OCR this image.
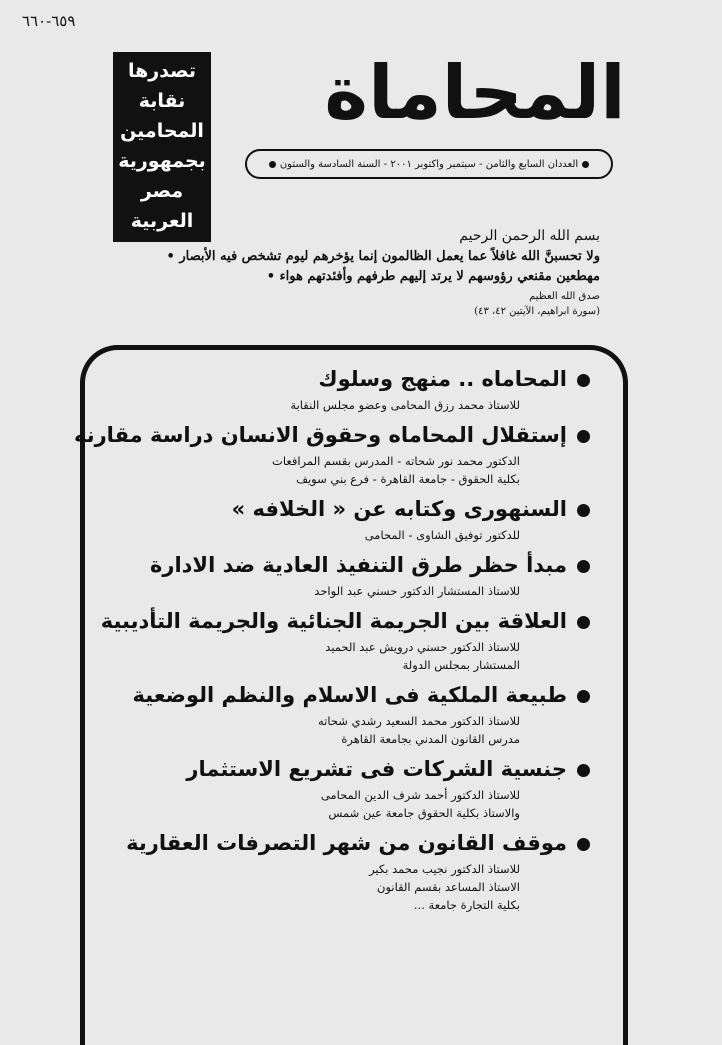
٦٥٩-٦٦٠
المحاماة
تصدرها
نقابة
المحامين
بجمهورية
مصر
العربية
العددان السابع والثامن - سبتمبر واكتوبر ٢٠٠١ - السنة السادسة والستون
بسم الله الرحمن الرحيم
ولا تحسبنَّ الله غافلاً عما يعمل الظالمون إنما يؤخرهم ليوم تشخص فيه الأبصار • مهطعين مقنعي رؤوسهم لا يرتد إليهم طرفهم وأفئدتهم هواء •
صدق الله العظيم
(سورة ابراهيم، الآيتين ٤٢، ٤٣)
المحاماه .. منهج وسلوك
للاستاذ محمد رزق المحامى وعضو مجلس النقابة
إستقلال المحاماه وحقوق الانسان دراسة مقارنه
الدكتور محمد نور شحاته - المدرس بقسم المرافعات
بكلية الحقوق - جامعة القاهرة - فرع بني سويف
السنهورى وكتابه عن « الخلافه »
للدكتور توفيق الشاوى - المحامى
مبدأ حظر طرق التنفيذ العادية ضد الادارة
للاستاذ المستشار الدكتور حسني عبد الواحد
العلاقة بين الجريمة الجنائية والجريمة التأديبية
للاستاذ الدكتور حسني درويش عبد الحميد
المستشار بمجلس الدولة
طبيعة الملكية فى الاسلام والنظم الوضعية
للاستاذ الدكتور محمد السعيد رشدي شحاته
مدرس القانون المدني بجامعة القاهرة
جنسية الشركات فى تشريع الاستثمار
للاستاذ الدكتور أحمد شرف الدين المحامى
والاستاذ بكلية الحقوق جامعة عين شمس
موقف القانون من شهر التصرفات العقارية
للاستاذ الدكتور نجيب محمد بكير
الاستاذ المساعد بقسم القانون
بكلية التجارة جامعة ...
